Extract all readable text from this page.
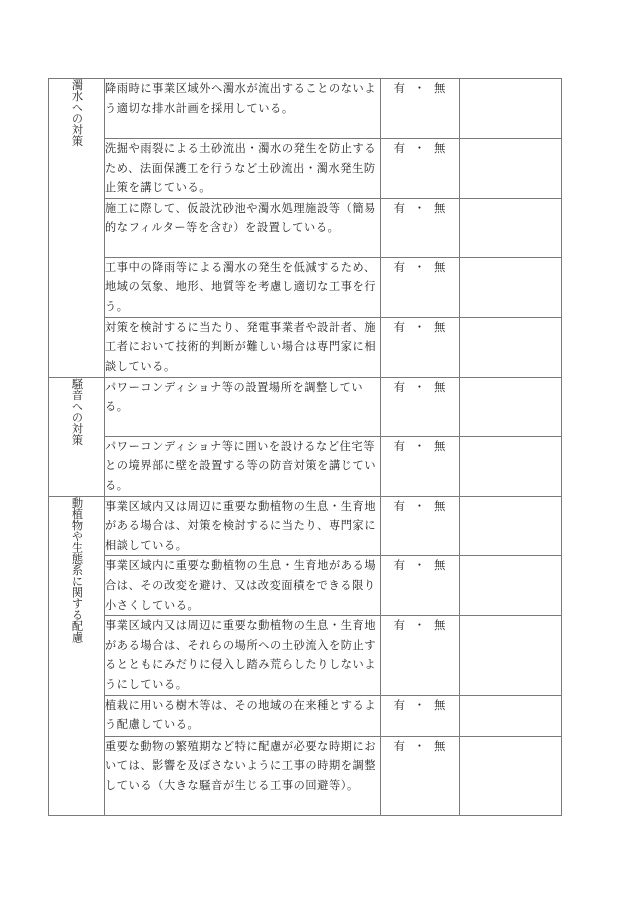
濁水への対策	降雨時に事業区域外へ濁水が流出することのないよう適切な排水計画を採用している。	有 ・ 無	
	洗掘や雨裂による土砂流出・濁水の発生を防止するため、法面保護工を行うなど土砂流出・濁水発生防止策を講じている。	有 ・ 無	
	施工に際して、仮設沈砂池や濁水処理施設等（簡易的なフィルター等を含む）を設置している。	有 ・ 無	
	工事中の降雨等による濁水の発生を低減するため、地域の気象、地形、地質等を考慮し適切な工事を行う。	有 ・ 無	
	対策を検討するに当たり、発電事業者や設計者、施工者において技術的判断が難しい場合は専門家に相談している。	有 ・ 無	
騒音への対策	パワーコンディショナ等の設置場所を調整している。	有 ・ 無	
	パワーコンディショナ等に囲いを設けるなど住宅等との境界部に壁を設置する等の防音対策を講じている。	有 ・ 無	
動植物や生態系に関する配慮	事業区域内又は周辺に重要な動植物の生息・生育地がある場合は、対策を検討するに当たり、専門家に相談している。	有 ・ 無	
	事業区域内に重要な動植物の生息・生育地がある場合は、その改変を避け、又は改変面積をできる限り小さくしている。	有 ・ 無	
	事業区域内又は周辺に重要な動植物の生息・生育地がある場合は、それらの場所への土砂流入を防止するとともにみだりに侵入し踏み荒らしたりしないようにしている。	有 ・ 無	
	植栽に用いる樹木等は、その地域の在来種とするよう配慮している。	有 ・ 無	
	重要な動物の繁殖期など特に配慮が必要な時期においては、影響を及ぼさないように工事の時期を調整している（大きな騒音が生じる工事の回避等）。	有 ・ 無	
